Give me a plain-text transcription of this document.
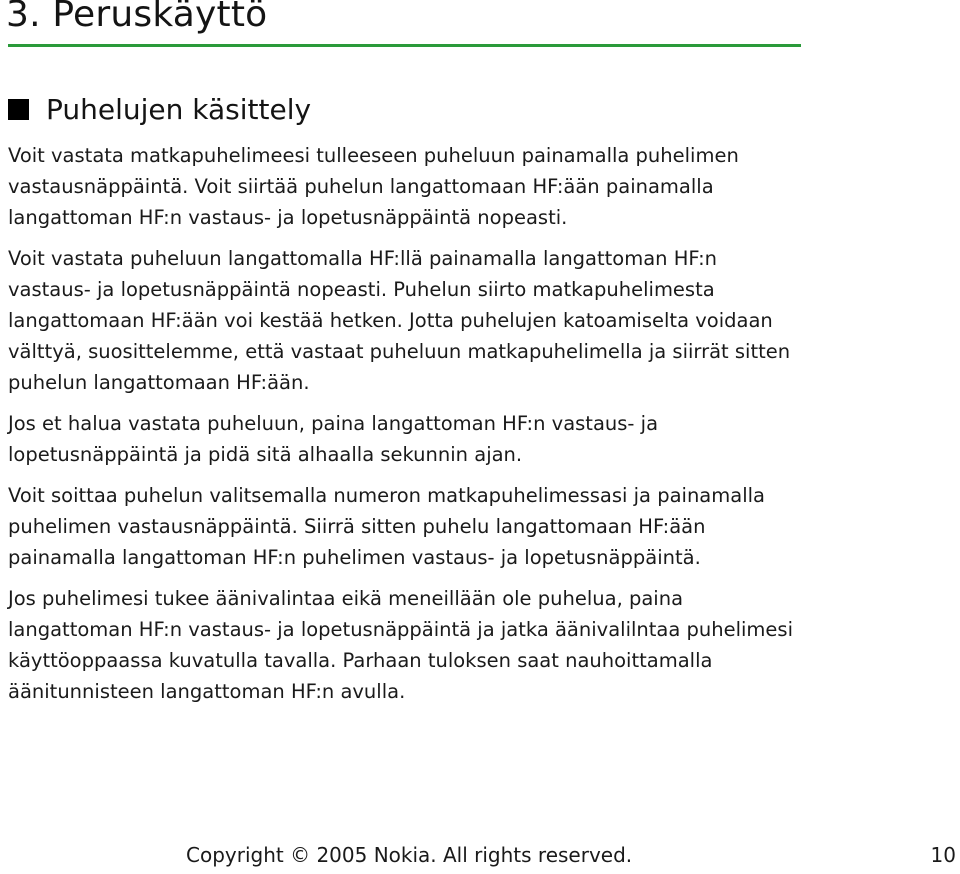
3. Peruskäyttö
Puhelujen käsittely

Voit vastata matkapuhelimeesi tulleeseen puheluun painamalla puhelimen
vastausnäppäintä. Voit siirtää puhelun langattomaan HF:ään painamalla
langattoman HF:n vastaus- ja lopetusnäppäintä nopeasti.

Voit vastata puheluun langattomalla HF:llä painamalla langattoman HF:n
vastaus- ja lopetusnäppäintä nopeasti. Puhelun siirto matkapuhelimesta
langattomaan HF:ään voi kestää hetken. Jotta puhelujen katoamiselta voidaan
välttyä, suosittelemme, että vastaat puheluun matkapuhelimella ja siirrät sitten
puhelun langattomaan HF:ään.

Jos et halua vastata puheluun, paina langattoman HF:n vastaus- ja
lopetusnäppäintä ja pidä sitä alhaalla sekunnin ajan.

Voit soittaa puhelun valitsemalla numeron matkapuhelimessasi ja painamalla
puhelimen vastausnäppäintä. Siirrä sitten puhelu langattomaan HF:ään
painamalla langattoman HF:n puhelimen vastaus- ja lopetusnäppäintä.

Jos puhelimesi tukee äänivalintaa eikä meneillään ole puhelua, paina
langattoman HF:n vastaus- ja lopetusnäppäintä ja jatka äänivalilntaa puhelimesi
käyttöoppaassa kuvatulla tavalla. Parhaan tuloksen saat nauhoittamalla
äänitunnisteen langattoman HF:n avulla.

Copyright © 2005 Nokia. All rights reserved.	10
